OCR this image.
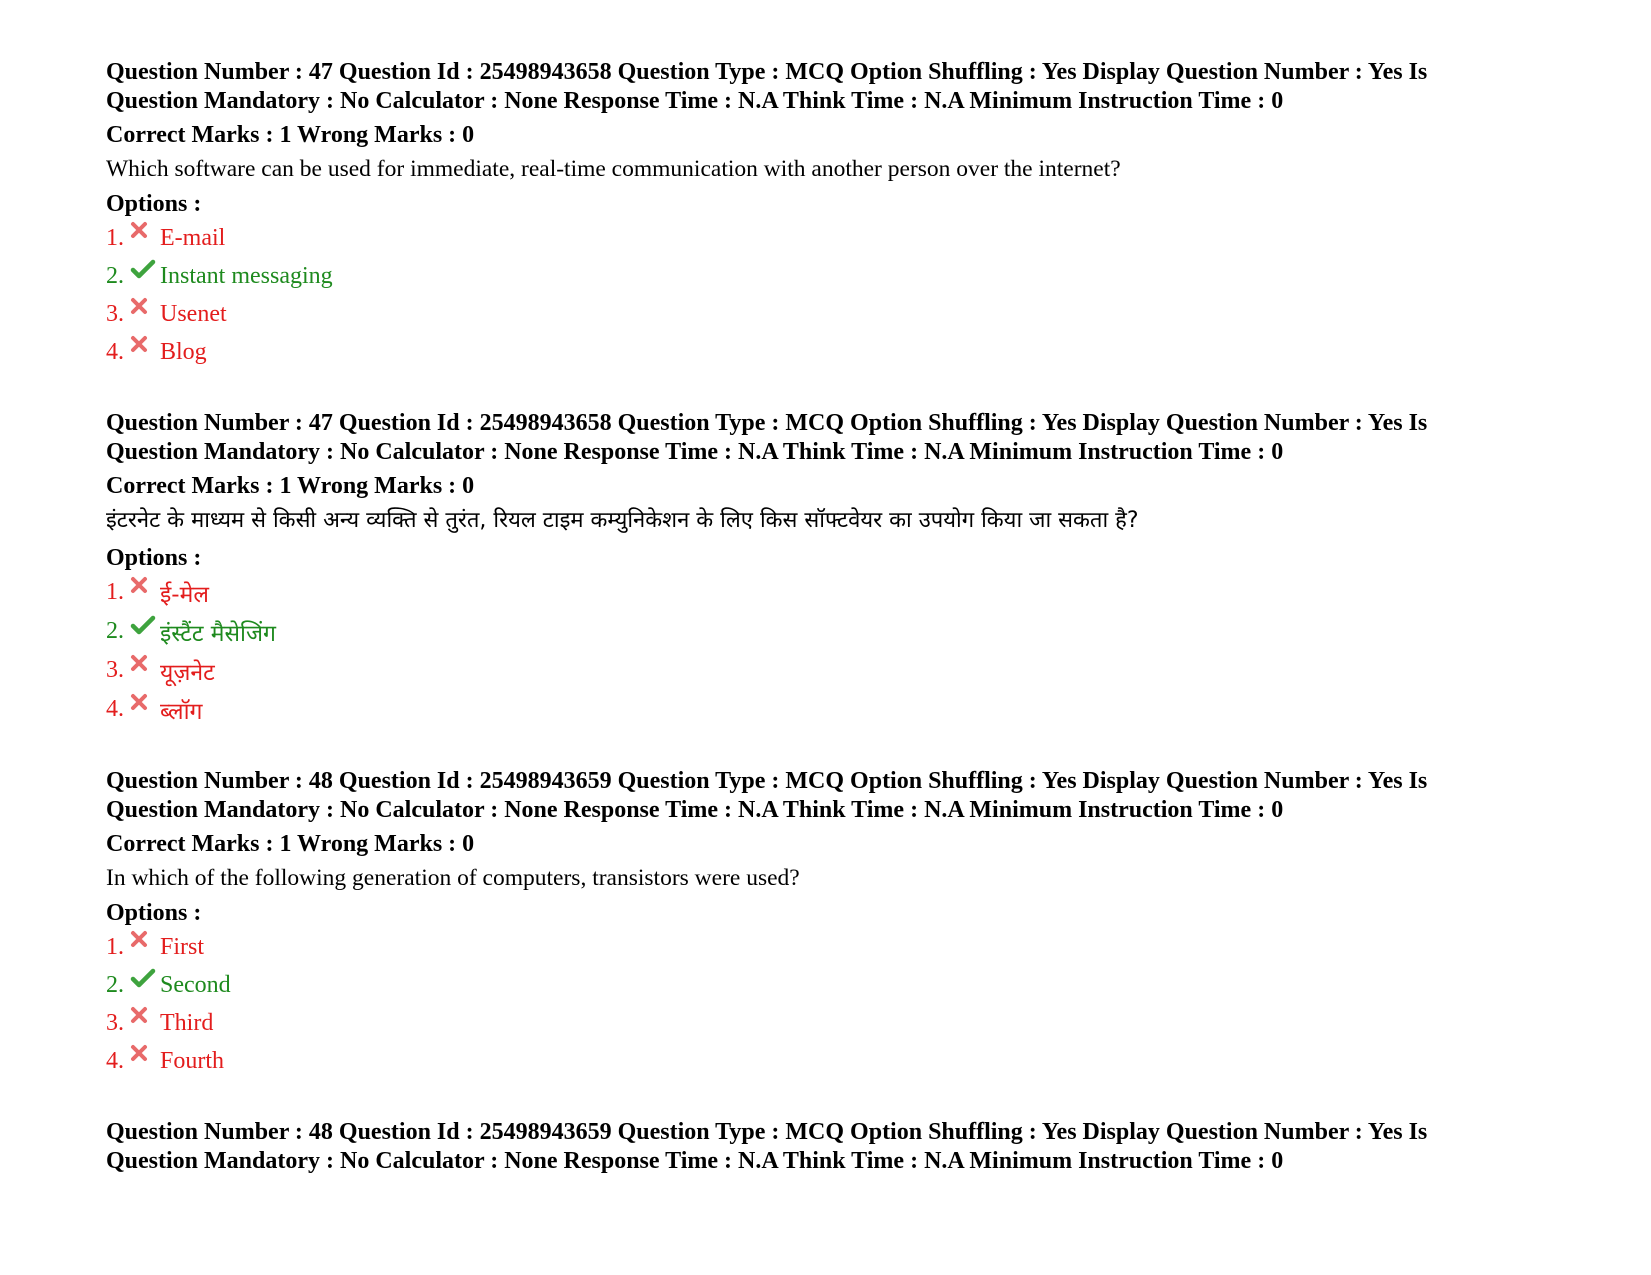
Question Number : 47 Question Id : 25498943658 Question Type : MCQ Option Shuffling : Yes Display Question Number : Yes Is
Question Mandatory : No Calculator : None Response Time : N.A Think Time : N.A Minimum Instruction Time : 0
Correct Marks : 1 Wrong Marks : 0
Which software can be used for immediate, real-time communication with another person over the internet?
Options :
1. E-mail
2. Instant messaging
3. Usenet
4. Blog
Question Number : 47 Question Id : 25498943658 Question Type : MCQ Option Shuffling : Yes Display Question Number : Yes Is
Question Mandatory : No Calculator : None Response Time : N.A Think Time : N.A Minimum Instruction Time : 0
Correct Marks : 1 Wrong Marks : 0
इंटरनेट के माध्यम से किसी अन्य व्यक्ति से तुरंत, रियल टाइम कम्युनिकेशन के लिए किस सॉफ्टवेयर का उपयोग किया जा सकता है?
Options :
1. ई-मेल
2. इंस्टैंट मैसेजिंग
3. यूज़नेट
4. ब्लॉग
Question Number : 48 Question Id : 25498943659 Question Type : MCQ Option Shuffling : Yes Display Question Number : Yes Is
Question Mandatory : No Calculator : None Response Time : N.A Think Time : N.A Minimum Instruction Time : 0
Correct Marks : 1 Wrong Marks : 0
In which of the following generation of computers, transistors were used?
Options :
1. First
2. Second
3. Third
4. Fourth
Question Number : 48 Question Id : 25498943659 Question Type : MCQ Option Shuffling : Yes Display Question Number : Yes Is
Question Mandatory : No Calculator : None Response Time : N.A Think Time : N.A Minimum Instruction Time : 0
